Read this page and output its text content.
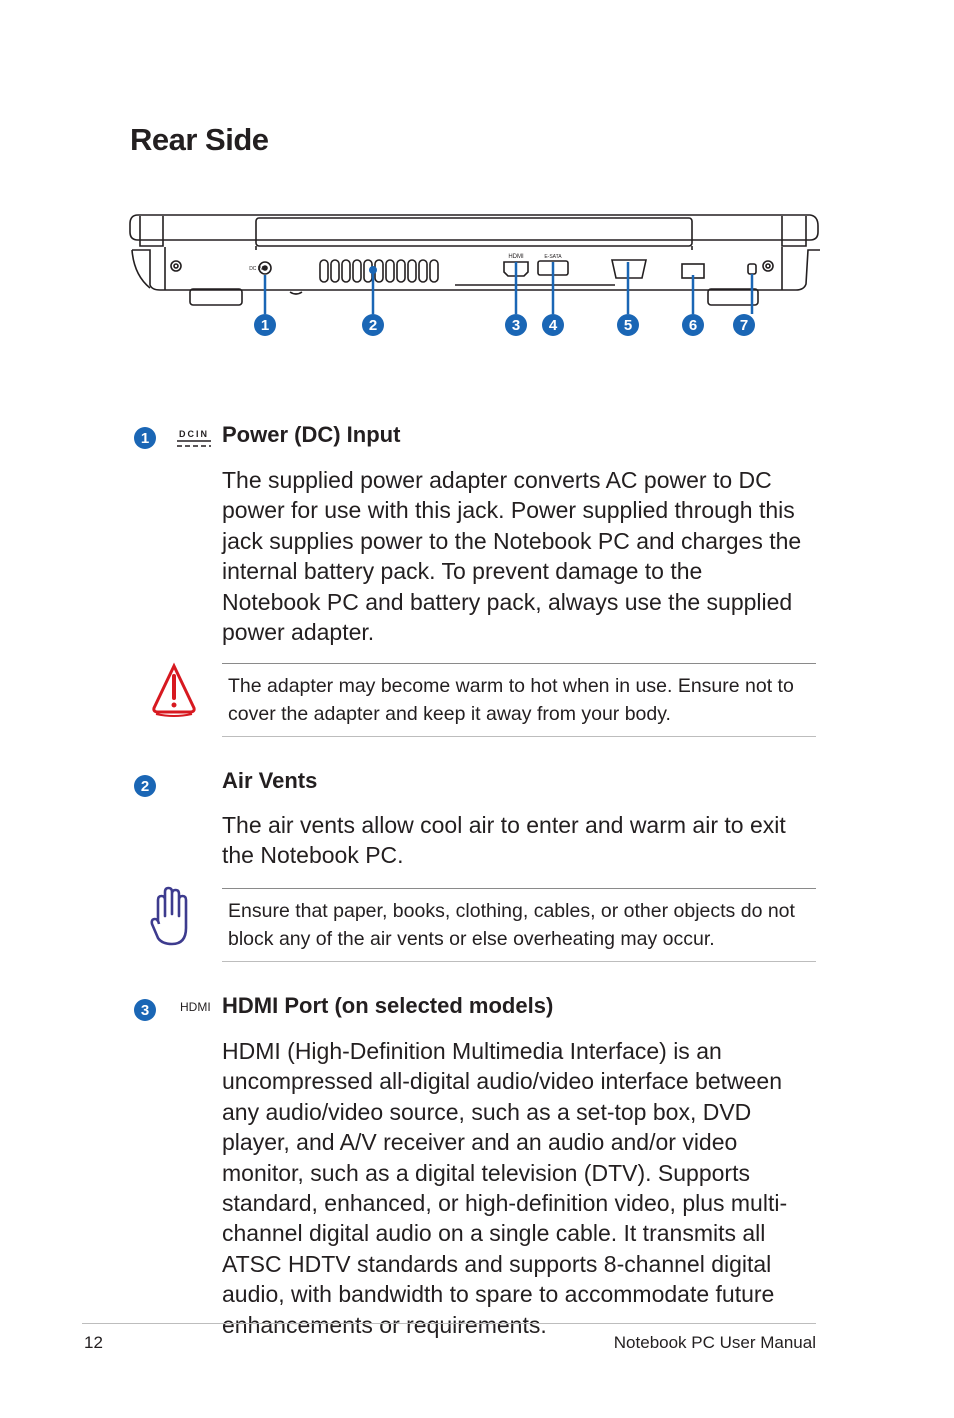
Rear Side
DC IN
HDMI	E-SATA
1	2	3 4	5	6	7
1	DCIN Power (DC) Input

The supplied power adapter converts AC power to DC power for use with this jack. Power supplied through this jack supplies power to the Notebook PC and charges the internal battery pack. To prevent damage to the Notebook PC and battery pack, always use the supplied power adapter.

The adapter may become warm to hot when in use. Ensure not to cover the adapter and keep it away from your body.

2	Air Vents

The air vents allow cool air to enter and warm air to exit the Notebook PC.

Ensure that paper, books, clothing, cables, or other objects do not block any of the air vents or else overheating may occur.

3	HDMI HDMI Port (on selected models)

HDMI (High-Definition Multimedia Interface) is an uncompressed all-digital audio/video interface between any audio/video source, such as a set-top box, DVD player, and A/V receiver and an audio and/or video monitor, such as a digital television (DTV). Supports standard, enhanced, or high-definition video, plus multi-channel digital audio on a single cable. It transmits all ATSC HDTV standards and supports 8-channel digital audio, with bandwidth to spare to accommodate future enhancements or requirements.

12	Notebook PC User Manual
